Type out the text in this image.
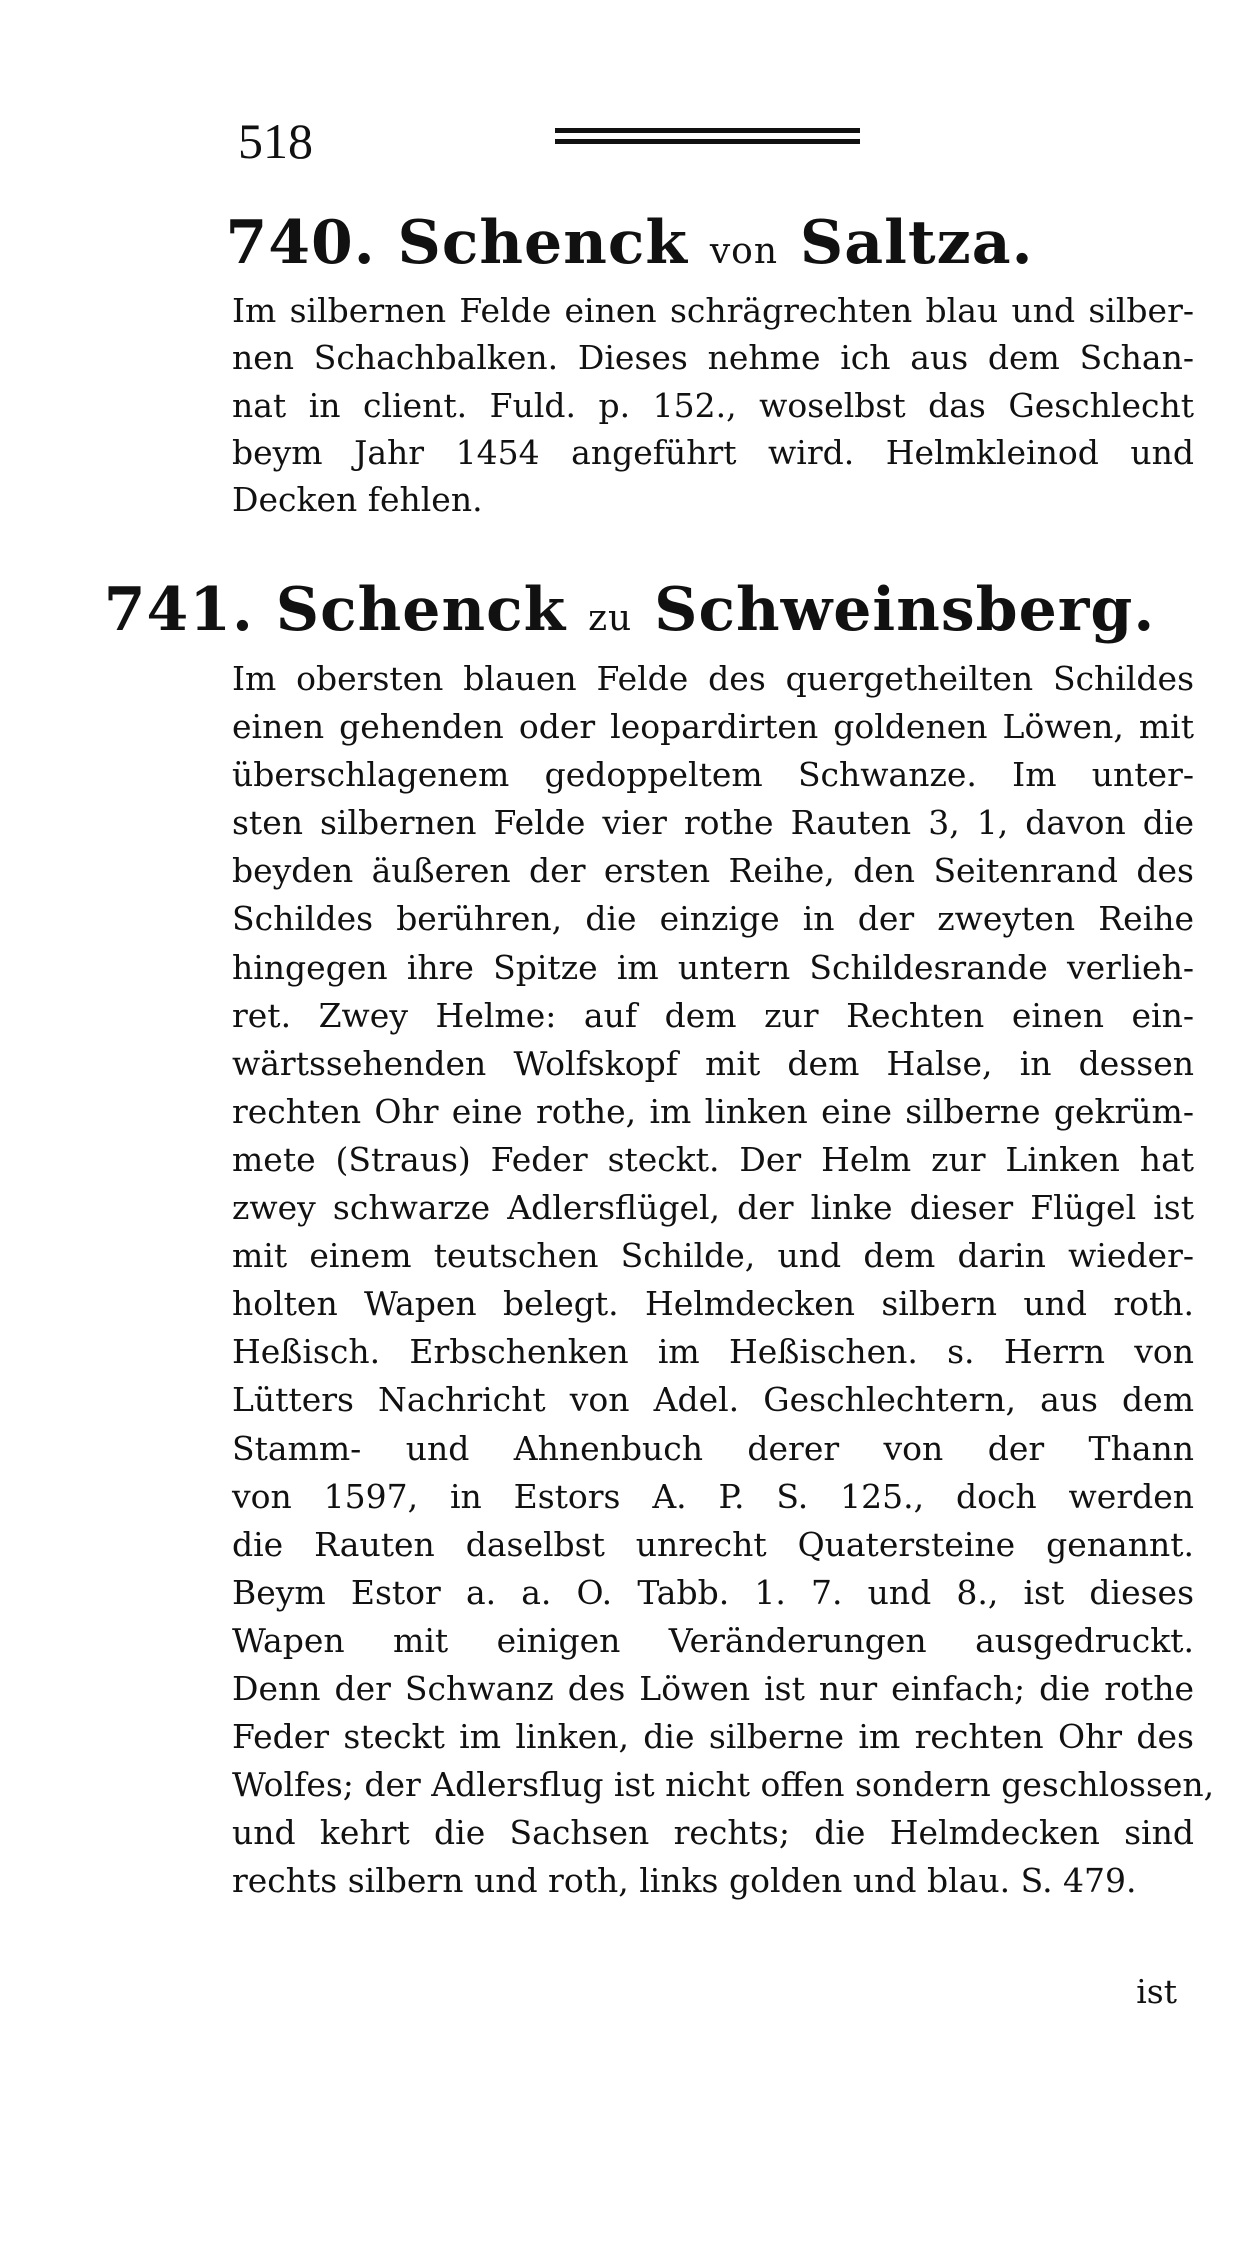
518
740. Schenck von Saltza.
Im silbernen Felde einen schrägrechten blau und silber-
nen Schachbalken. Dieses nehme ich aus dem Schan-
nat in client. Fuld. p. 152., woselbst das Geschlecht
beym Jahr 1454 angeführt wird. Helmkleinod und
Decken fehlen.
741. Schenck zu Schweinsberg.
Im obersten blauen Felde des quergetheilten Schildes
einen gehenden oder leopardirten goldenen Löwen, mit
überschlagenem gedoppeltem Schwanze. Im unter-
sten silbernen Felde vier rothe Rauten 3, 1, davon die
beyden äußeren der ersten Reihe, den Seitenrand des
Schildes berühren, die einzige in der zweyten Reihe
hingegen ihre Spitze im untern Schildesrande verlieh-
ret. Zwey Helme: auf dem zur Rechten einen ein-
wärtssehenden Wolfskopf mit dem Halse, in dessen
rechten Ohr eine rothe, im linken eine silberne gekrüm-
mete (Straus) Feder steckt. Der Helm zur Linken hat
zwey schwarze Adlersflügel, der linke dieser Flügel ist
mit einem teutschen Schilde, und dem darin wieder-
holten Wapen belegt. Helmdecken silbern und roth.
Heßisch. Erbschenken im Heßischen. s. Herrn von
Lütters Nachricht von Adel. Geschlechtern, aus dem
Stamm- und Ahnenbuch derer von der Thann
von 1597, in Estors A. P. S. 125., doch werden
die Rauten daselbst unrecht Quatersteine genannt.
Beym Estor a. a. O. Tabb. 1. 7. und 8., ist dieses
Wapen mit einigen Veränderungen ausgedruckt.
Denn der Schwanz des Löwen ist nur einfach; die rothe
Feder steckt im linken, die silberne im rechten Ohr des
Wolfes; der Adlersflug ist nicht offen sondern geschlossen,
und kehrt die Sachsen rechts; die Helmdecken sind
rechts silbern und roth, links golden und blau. S. 479.
ist
